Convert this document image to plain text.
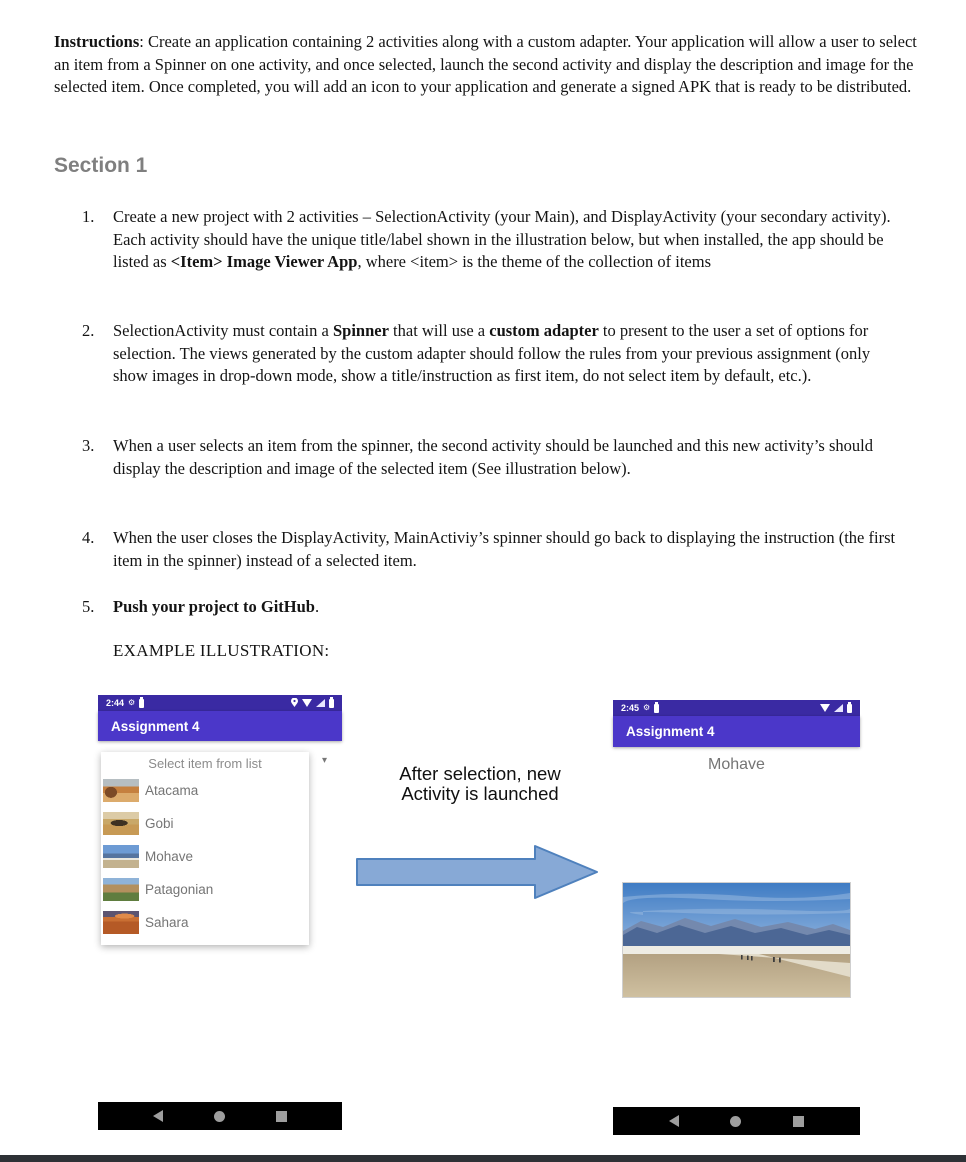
Instructions: Create an application containing 2 activities along with a custom adapter. Your application will allow a user to select an item from a Spinner on one activity, and once selected, launch the second activity and display the description and image for the selected item. Once completed, you will add an icon to your application and generate a signed APK that is ready to be distributed.
Section 1
1.	Create a new project with 2 activities – SelectionActivity (your Main), and DisplayActivity (your secondary activity). Each activity should have the unique title/label shown in the illustration below, but when installed, the app should be listed as <Item> Image Viewer App, where <item> is the theme of the collection of items
2.	SelectionActivity must contain a Spinner that will use a custom adapter to present to the user a set of options for selection. The views generated by the custom adapter should follow the rules from your previous assignment (only show images in drop-down mode, show a title/instruction as first item, do not select item by default, etc.).
3.	When a user selects an item from the spinner, the second activity should be launched and this new activity’s should display the description and image of the selected item (See illustration below).
4.	When the user closes the DisplayActivity, MainActiviy’s spinner should go back to displaying the instruction (the first item in the spinner) instead of a selected item.
5.	Push your project to GitHub.
EXAMPLE ILLUSTRATION:
2:44 ⚙
Assignment 4
▾
Select item from list
Atacama
Gobi
Mohave
Patagonian
Sahara
After selection, new
Activity is launched
2:45 ⚙
Assignment 4
Mohave
